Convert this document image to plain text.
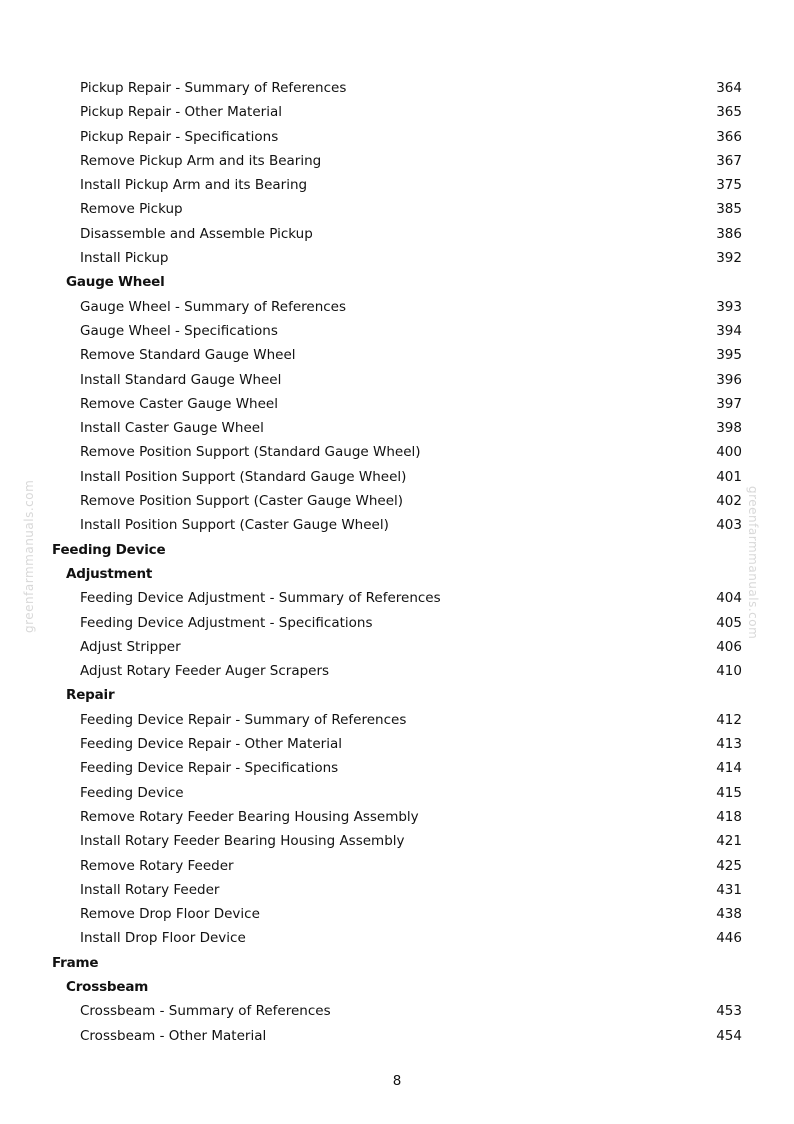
Pickup Repair - Summary of References	364
Pickup Repair - Other Material	365
Pickup Repair - Specifications	366
Remove Pickup Arm and its Bearing	367
Install Pickup Arm and its Bearing	375
Remove Pickup	385
Disassemble and Assemble Pickup	386
Install Pickup	392
Gauge Wheel
Gauge Wheel - Summary of References	393
Gauge Wheel - Specifications	394
Remove Standard Gauge Wheel	395
Install Standard Gauge Wheel	396
Remove Caster Gauge Wheel	397
Install Caster Gauge Wheel	398
Remove Position Support (Standard Gauge Wheel)	400
Install Position Support (Standard Gauge Wheel)	401
Remove Position Support (Caster Gauge Wheel)	402
Install Position Support (Caster Gauge Wheel)	403
Feeding Device
Adjustment
Feeding Device Adjustment - Summary of References	404
Feeding Device Adjustment - Specifications	405
Adjust Stripper	406
Adjust Rotary Feeder Auger Scrapers	410
Repair
Feeding Device Repair - Summary of References	412
Feeding Device Repair - Other Material	413
Feeding Device Repair - Specifications	414
Feeding Device	415
Remove Rotary Feeder Bearing Housing Assembly	418
Install Rotary Feeder Bearing Housing Assembly	421
Remove Rotary Feeder	425
Install Rotary Feeder	431
Remove Drop Floor Device	438
Install Drop Floor Device	446
Frame
Crossbeam
Crossbeam - Summary of References	453
Crossbeam - Other Material	454
greenfarmmanuals.com	greenfarmmanuals.com
8
